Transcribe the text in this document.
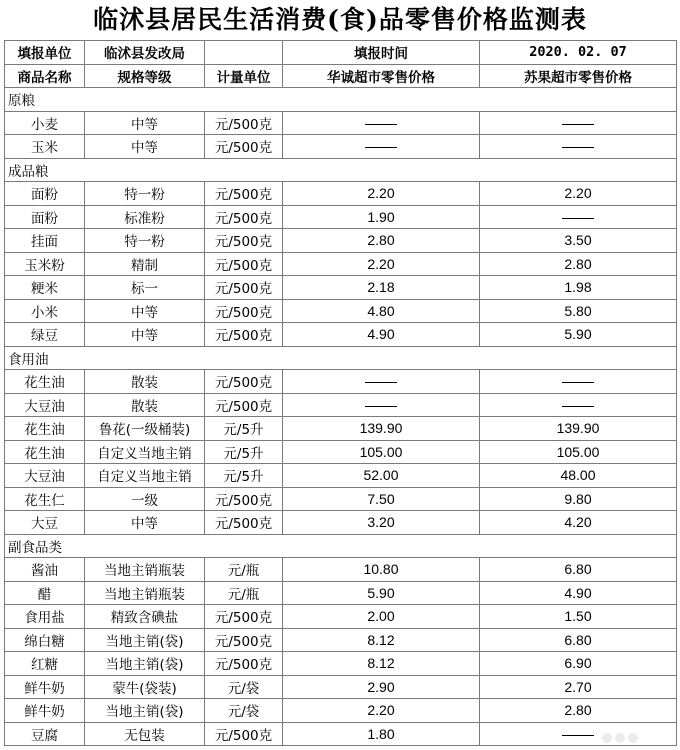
临沭县居民生活消费(食)品零售价格监测表
填报单位	临沭县发改局		填报时间	2020. 02. 07
商品名称	规格等级	计量单位	华诚超市零售价格	苏果超市零售价格
原粮				
小麦	中等	元/500克		
玉米	中等	元/500克		
成品粮				
面粉	特一粉	元/500克	2.20	2.20
面粉	标准粉	元/500克	1.90	
挂面	特一粉	元/500克	2.80	3.50
玉米粉	精制	元/500克	2.20	2.80
粳米	标一	元/500克	2.18	1.98
小米	中等	元/500克	4.80	5.80
绿豆	中等	元/500克	4.90	5.90
食用油				
花生油	散装	元/500克		
大豆油	散装	元/500克		
花生油	鲁花(一级桶装)	元/5升	139.90	139.90
花生油	自定义当地主销	元/5升	105.00	105.00
大豆油	自定义当地主销	元/5升	52.00	48.00
花生仁	一级	元/500克	7.50	9.80
大豆	中等	元/500克	3.20	4.20
副食品类				
酱油	当地主销瓶装	元/瓶	10.80	6.80
醋	当地主销瓶装	元/瓶	5.90	4.90
食用盐	精致含碘盐	元/500克	2.00	1.50
绵白糖	当地主销(袋)	元/500克	8.12	6.80
红糖	当地主销(袋)	元/500克	8.12	6.90
鲜牛奶	蒙牛(袋装)	元/袋	2.90	2.70
鲜牛奶	当地主销(袋)	元/袋	2.20	2.80
豆腐	无包装	元/500克	1.80	
